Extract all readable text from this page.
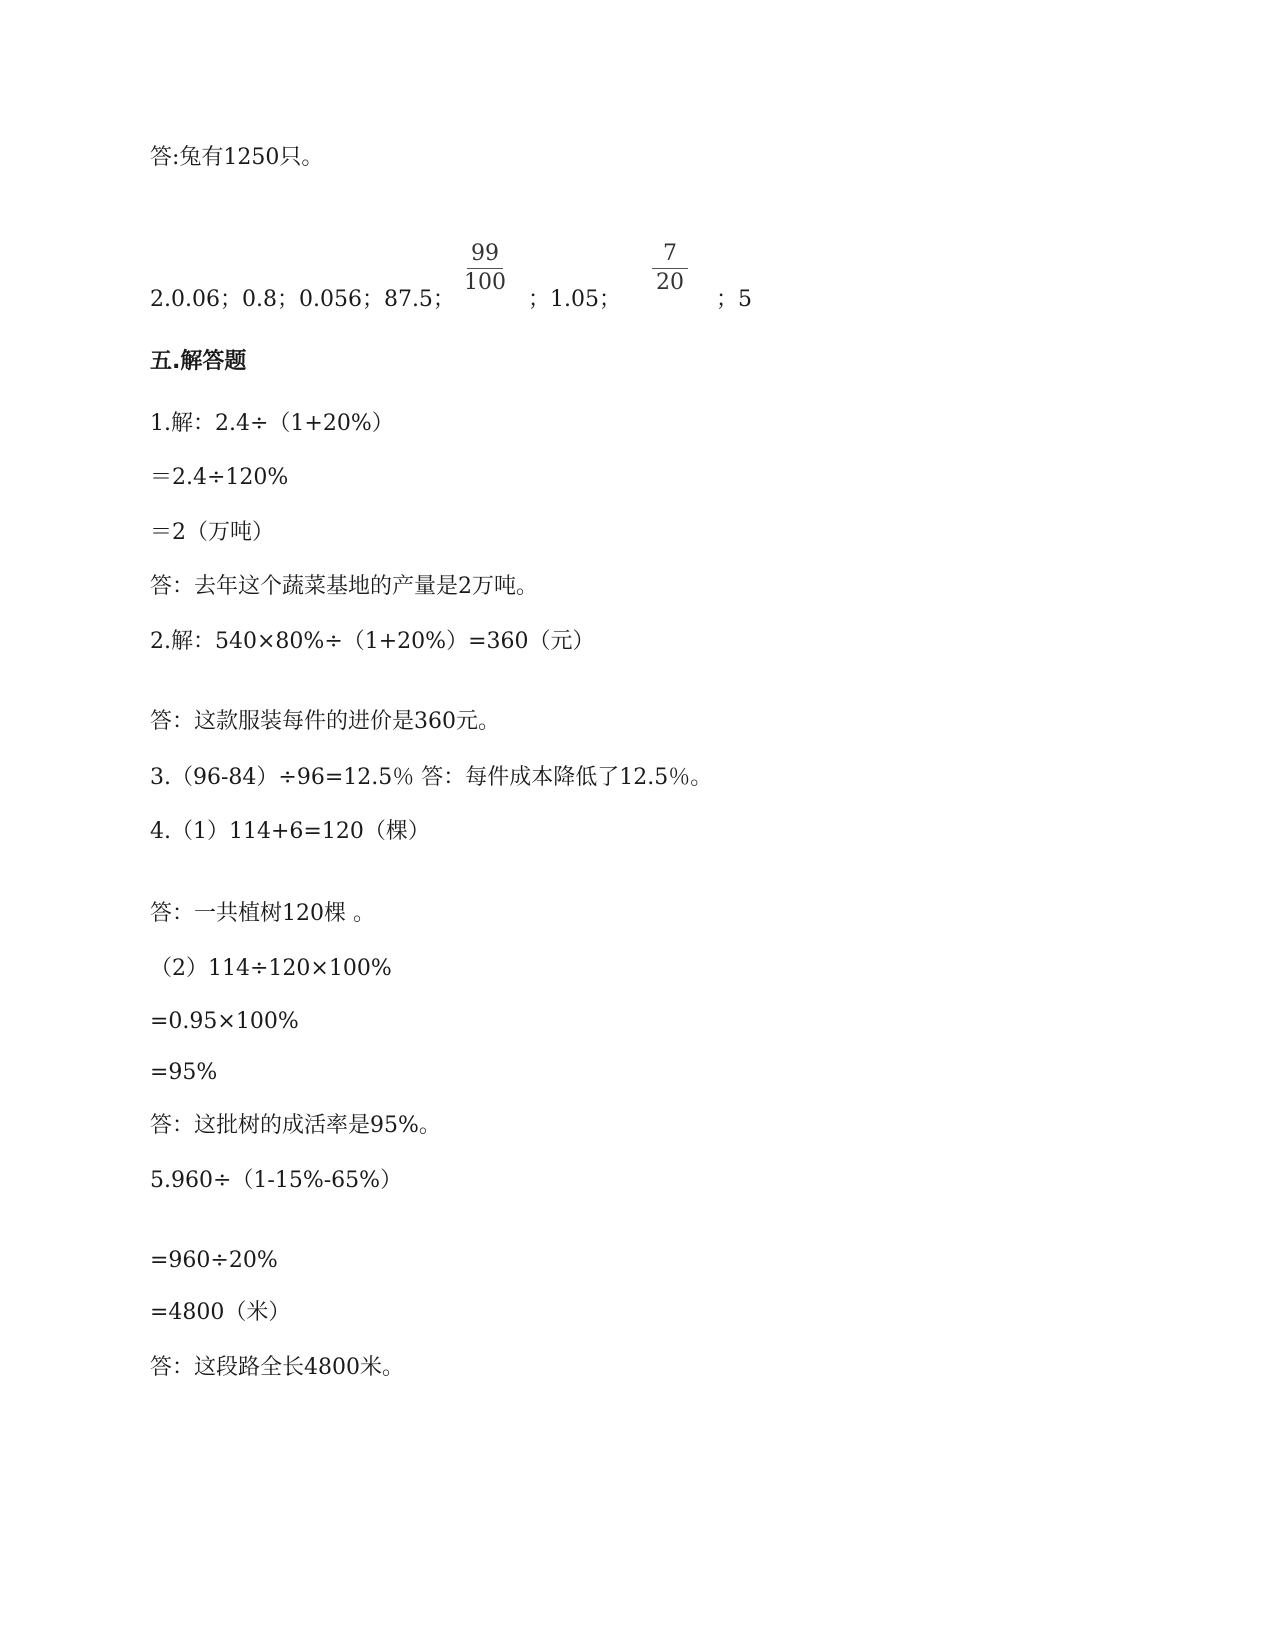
答:兔有1250只。
2.0.06；0.8；0.056；87.5；
99
100
；1.05；
7
20
；5
五.解答题
1.解：2.4÷（1+20%）
＝2.4÷120%
＝2（万吨）
答：去年这个蔬菜基地的产量是2万吨。
2.解：540×80%÷（1+20%）=360（元）
答：这款服装每件的进价是360元。
3.（96-84）÷96=12.5％ 答：每件成本降低了12.5％。
4.（1）114+6=120（棵）
答：一共植树120棵 。
（2）114÷120×100%
=0.95×100%
=95%
答：这批树的成活率是95%。
5.960÷（1-15%-65%）
=960÷20%
=4800（米）
答：这段路全长4800米。
